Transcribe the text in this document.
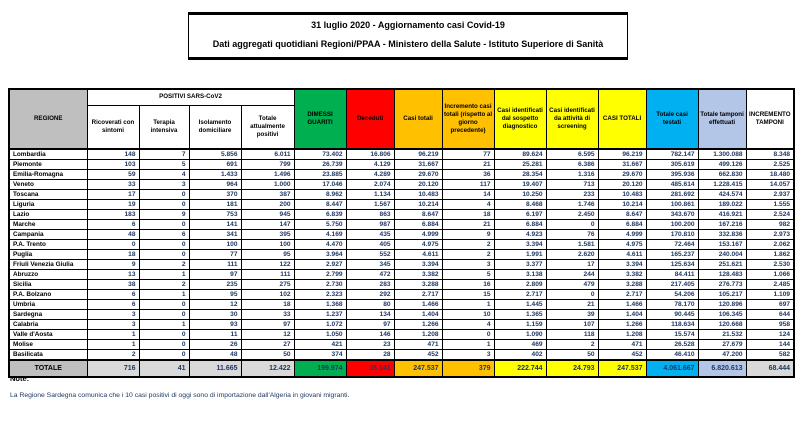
31 luglio 2020 - Aggiornamento casi Covid-19
Dati aggregati quotidiani Regioni/PPAA - Ministero della Salute - Istituto Superiore di Sanità
REGIONE	POSITIVI SARS-CoV2				DIMESSI GUARITI	Deceduti	Casi totali	Incremento casi totali (rispetto al giorno precedente)	Casi identificati dal sospetto diagnostico	Casi identificati da attività di screening	CASI TOTALI	Totale casi testati	Totale tamponi effettuati	INCREMENTO TAMPONI
	Ricoverati con sintomi	Terapia intensiva	Isolamento domiciliare	Totale attualmente positivi										
Lombardia	148	7	5.856	6.011	73.402	16.806	96.219	77	89.624	6.595	96.219	782.147	1.300.088	8.348
Piemonte	103	5	691	799	26.739	4.129	31.667	21	25.281	6.386	31.667	305.619	499.126	2.525
Emilia-Romagna	59	4	1.433	1.496	23.885	4.289	29.670	36	28.354	1.316	29.670	395.936	662.830	18.480
Veneto	33	3	964	1.000	17.046	2.074	20.120	117	19.407	713	20.120	485.614	1.228.415	14.057
Toscana	17	0	370	387	8.962	1.134	10.483	14	10.250	233	10.483	281.692	424.574	2.937
Liguria	19	0	181	200	8.447	1.567	10.214	4	8.468	1.746	10.214	100.861	189.022	1.555
Lazio	183	9	753	945	6.839	863	8.647	18	6.197	2.450	8.647	343.670	416.921	2.524
Marche	6	0	141	147	5.750	987	6.884	21	6.884	0	6.884	100.200	167.216	982
Campania	48	6	341	395	4.169	435	4.999	9	4.923	76	4.999	170.810	332.836	2.973
P.A. Trento	0	0	100	100	4.470	405	4.975	2	3.394	1.581	4.975	72.464	153.167	2.062
Puglia	18	0	77	95	3.964	552	4.611	2	1.991	2.620	4.611	165.237	240.004	1.862
Friuli Venezia Giulia	9	2	111	122	2.927	345	3.394	3	3.377	17	3.394	125.634	251.621	2.530
Abruzzo	13	1	97	111	2.799	472	3.382	5	3.138	244	3.382	84.411	128.483	1.066
Sicilia	38	2	235	275	2.730	283	3.288	16	2.809	479	3.288	217.405	276.773	2.485
P.A. Bolzano	6	1	95	102	2.323	292	2.717	15	2.717	0	2.717	54.206	105.217	1.109
Umbria	6	0	12	18	1.368	80	1.466	1	1.445	21	1.466	78.170	120.896	697
Sardegna	3	0	30	33	1.237	134	1.404	10	1.365	39	1.404	90.445	106.345	644
Calabria	3	1	93	97	1.072	97	1.266	4	1.159	107	1.266	118.634	120.668	958
Valle d'Aosta	1	0	11	12	1.050	146	1.208	0	1.090	118	1.208	15.574	21.532	124
Molise	1	0	26	27	421	23	471	1	469	2	471	26.528	27.679	144
Basilicata	2	0	48	50	374	28	452	3	402	50	452	46.410	47.200	582
TOTALE	716	41	11.665	12.422	199.974	35.141	247.537	379	222.744	24.793	247.537	4.061.667	6.820.613	68.444
Note:
La Regione Sardegna comunica che i 10 casi positivi di oggi sono di importazione dall'Algeria in giovani migranti.
